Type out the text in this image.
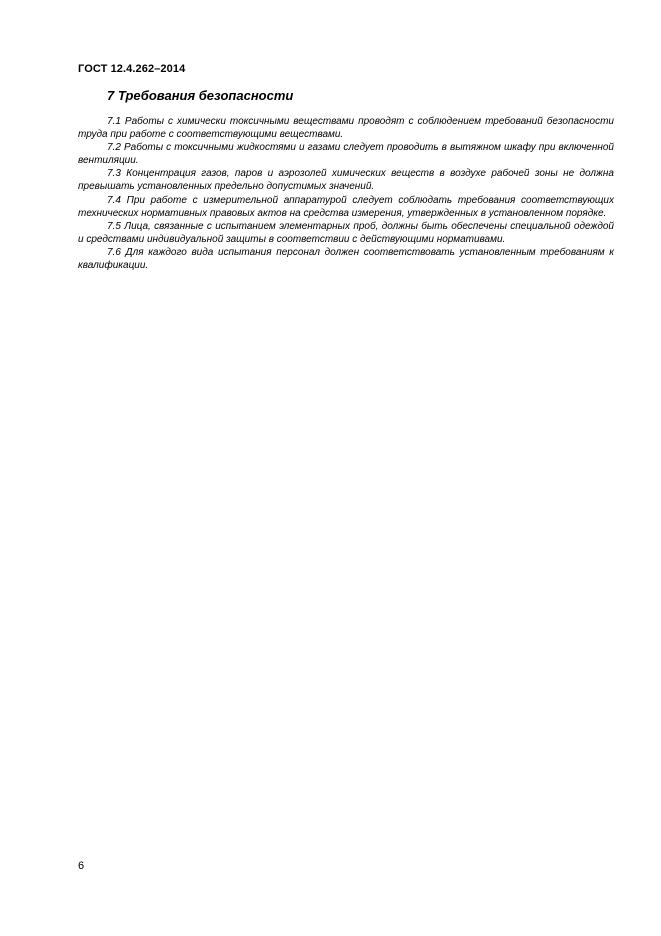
ГОСТ 12.4.262–2014
7 Требования безопасности

7.1 Работы с химически токсичными веществами проводят с соблюдением требований безопасности труда при работе с соответствующими веществами.

7.2 Работы с токсичными жидкостями и газами следует проводить в вытяжном шкафу при включенной вентиляции.

7.3 Концентрация газов, паров и аэрозолей химических веществ в воздухе рабочей зоны не должна превышать установленных предельно допустимых значений.

7.4 При работе с измерительной аппаратурой следует соблюдать требования соответствующих технических нормативных правовых актов на средства измерения, утвержденных в установленном порядке.

7.5 Лица, связанные с испытанием элементарных проб, должны быть обеспечены специальной одеждой и средствами индивидуальной защиты в соответствии с действующими нормативами.

7.6 Для каждого вида испытания персонал должен соответствовать установленным требованиям к квалификации.

6
